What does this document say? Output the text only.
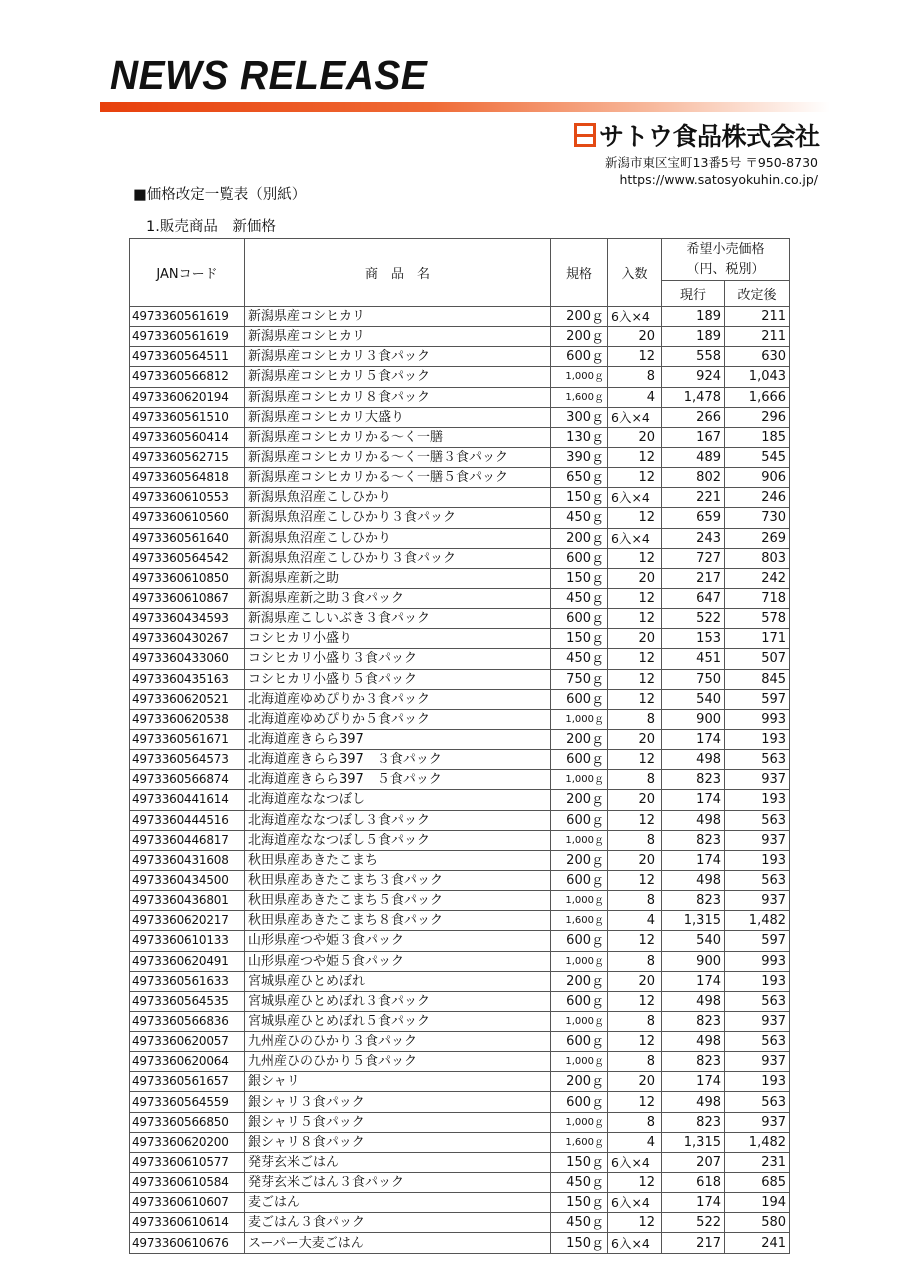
NEWS RELEASE
サトウ食品株式会社
新潟市東区宝町13番5号 〒950-8730
https://www.satosyokuhin.co.jp/
■価格改定一覧表（別紙）
1.販売商品　新価格
JANコード	商　品　名	規格	入数	希望小売価格
（円、税別）	

				現行	改定後
4973360561619	新潟県産コシヒカリ	200ｇ	6入×4	189	211
4973360561619	新潟県産コシヒカリ	200ｇ	20	189	211
4973360564511	新潟県産コシヒカリ３食パック	600ｇ	12	558	630
4973360566812	新潟県産コシヒカリ５食パック	1,000ｇ	8	924	1,043
4973360620194	新潟県産コシヒカリ８食パック	1,600ｇ	4	1,478	1,666
4973360561510	新潟県産コシヒカリ大盛り	300ｇ	6入×4	266	296
4973360560414	新潟県産コシヒカリかる～く一膳	130ｇ	20	167	185
4973360562715	新潟県産コシヒカリかる～く一膳３食パック	390ｇ	12	489	545
4973360564818	新潟県産コシヒカリかる～く一膳５食パック	650ｇ	12	802	906
4973360610553	新潟県魚沼産こしひかり	150ｇ	6入×4	221	246
4973360610560	新潟県魚沼産こしひかり３食パック	450ｇ	12	659	730
4973360561640	新潟県魚沼産こしひかり	200ｇ	6入×4	243	269
4973360564542	新潟県魚沼産こしひかり３食パック	600ｇ	12	727	803
4973360610850	新潟県産新之助	150ｇ	20	217	242
4973360610867	新潟県産新之助３食パック	450ｇ	12	647	718
4973360434593	新潟県産こしいぶき３食パック	600ｇ	12	522	578
4973360430267	コシヒカリ小盛り	150ｇ	20	153	171
4973360433060	コシヒカリ小盛り３食パック	450ｇ	12	451	507
4973360435163	コシヒカリ小盛り５食パック	750ｇ	12	750	845
4973360620521	北海道産ゆめぴりか３食パック	600ｇ	12	540	597
4973360620538	北海道産ゆめぴりか５食パック	1,000ｇ	8	900	993
4973360561671	北海道産きらら397	200ｇ	20	174	193
4973360564573	北海道産きらら397　３食パック	600ｇ	12	498	563
4973360566874	北海道産きらら397　５食パック	1,000ｇ	8	823	937
4973360441614	北海道産ななつぼし	200ｇ	20	174	193
4973360444516	北海道産ななつぼし３食パック	600ｇ	12	498	563
4973360446817	北海道産ななつぼし５食パック	1,000ｇ	8	823	937
4973360431608	秋田県産あきたこまち	200ｇ	20	174	193
4973360434500	秋田県産あきたこまち３食パック	600ｇ	12	498	563
4973360436801	秋田県産あきたこまち５食パック	1,000ｇ	8	823	937
4973360620217	秋田県産あきたこまち８食パック	1,600ｇ	4	1,315	1,482
4973360610133	山形県産つや姫３食パック	600ｇ	12	540	597
4973360620491	山形県産つや姫５食パック	1,000ｇ	8	900	993
4973360561633	宮城県産ひとめぼれ	200ｇ	20	174	193
4973360564535	宮城県産ひとめぼれ３食パック	600ｇ	12	498	563
4973360566836	宮城県産ひとめぼれ５食パック	1,000ｇ	8	823	937
4973360620057	九州産ひのひかり３食パック	600ｇ	12	498	563
4973360620064	九州産ひのひかり５食パック	1,000ｇ	8	823	937
4973360561657	銀シャリ	200ｇ	20	174	193
4973360564559	銀シャリ３食パック	600ｇ	12	498	563
4973360566850	銀シャリ５食パック	1,000ｇ	8	823	937
4973360620200	銀シャリ８食パック	1,600ｇ	4	1,315	1,482
4973360610577	発芽玄米ごはん	150ｇ	6入×4	207	231
4973360610584	発芽玄米ごはん３食パック	450ｇ	12	618	685
4973360610607	麦ごはん	150ｇ	6入×4	174	194
4973360610614	麦ごはん３食パック	450ｇ	12	522	580
4973360610676	スーパー大麦ごはん	150ｇ	6入×4	217	241
